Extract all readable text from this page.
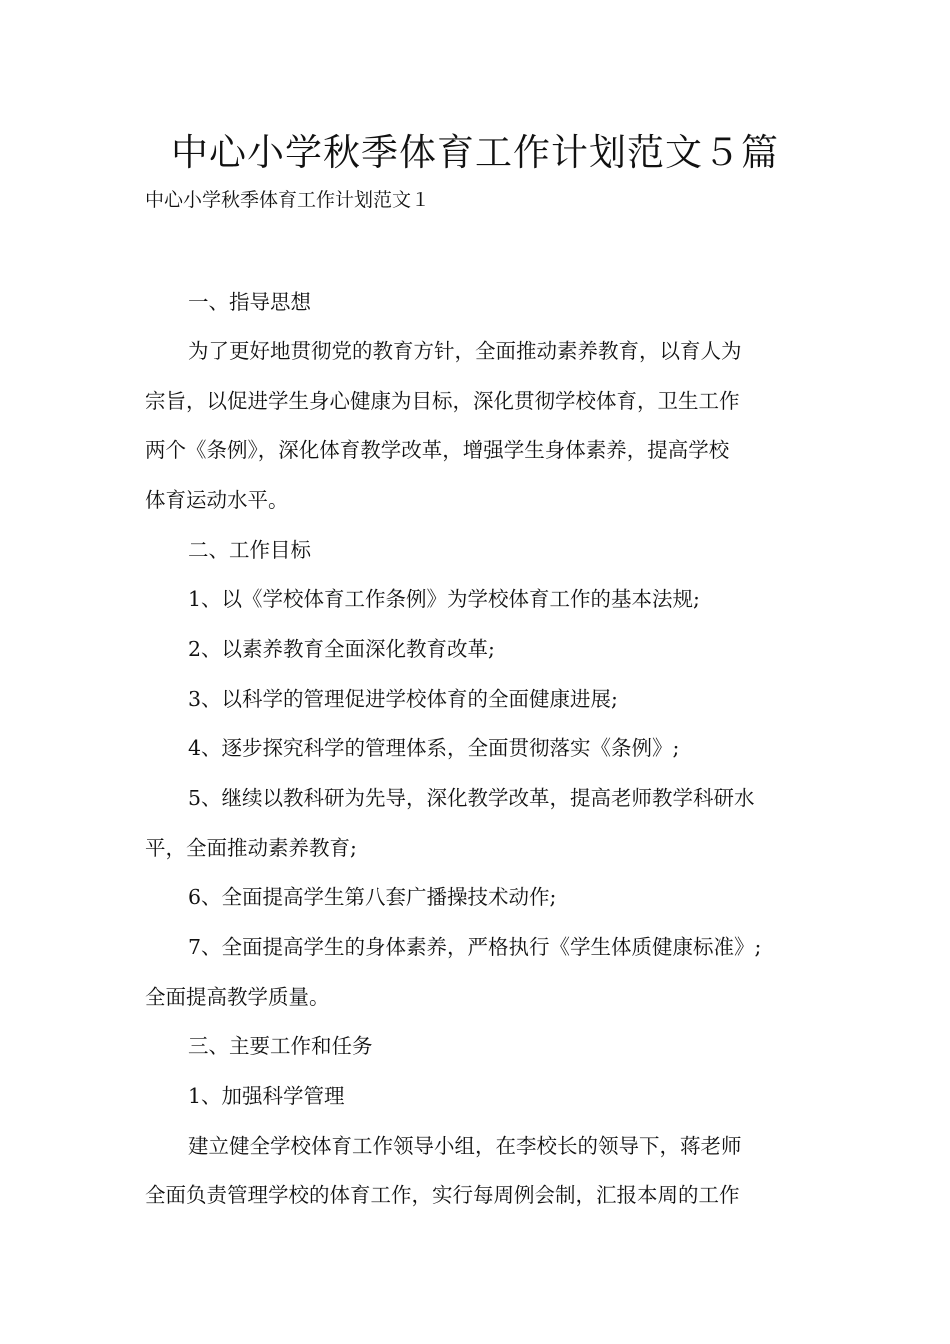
中心小学秋季体育工作计划范文５篇

中心小学秋季体育工作计划范文１

一、指导思想

为了更好地贯彻党的教育方针，全面推动素养教育，以育人为

宗旨，以促进学生身心健康为目标，深化贯彻学校体育，卫生工作

两个《条例》，深化体育教学改革，增强学生身体素养，提高学校

体育运动水平。

二、工作目标

1、以《学校体育工作条例》为学校体育工作的基本法规;

2、以素养教育全面深化教育改革;

3、以科学的管理促进学校体育的全面健康进展;

4、逐步探究科学的管理体系，全面贯彻落实《条例》;

5、继续以教科研为先导，深化教学改革，提高老师教学科研水

平，全面推动素养教育;

6、全面提高学生第八套广播操技术动作;

7、全面提高学生的身体素养，严格执行《学生体质健康标准》;

全面提高教学质量。

三、主要工作和任务

1、加强科学管理

建立健全学校体育工作领导小组，在李校长的领导下，蒋老师

全面负责管理学校的体育工作，实行每周例会制，汇报本周的工作
